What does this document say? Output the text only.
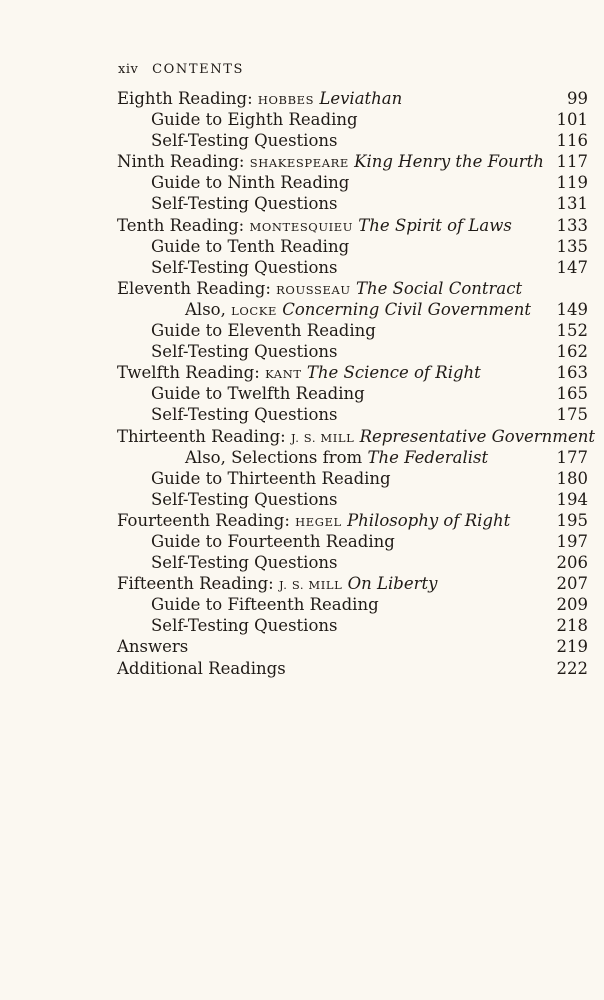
xiv CONTENTS
Eighth Reading: HOBBES Leviathan	99
Guide to Eighth Reading	101
Self-Testing Questions	116
Ninth Reading: SHAKESPEARE King Henry the Fourth 117
Guide to Ninth Reading	119
Self-Testing Questions	131
Tenth Reading: MONTESQUIEU The Spirit of Laws	133
Guide to Tenth Reading	135
Self-Testing Questions	147
Eleventh Reading: ROUSSEAU The Social Contract
Also, LOCKE Concerning Civil Government 149
Guide to Eleventh Reading	152
Self-Testing Questions	162
Twelfth Reading: KANT The Science of Right	163
Guide to Twelfth Reading	165
Self-Testing Questions	175
Thirteenth Reading: J. S. MILL Representative Government
Also, Selections from The Federalist	177
Guide to Thirteenth Reading	180
Self-Testing Questions	194
Fourteenth Reading: HEGEL Philosophy of Right	195
Guide to Fourteenth Reading	197
Self-Testing Questions	206
Fifteenth Reading: J. S. MILL On Liberty	207
Guide to Fifteenth Reading	209
Self-Testing Questions	218
Answers	219
Additional Readings	222
